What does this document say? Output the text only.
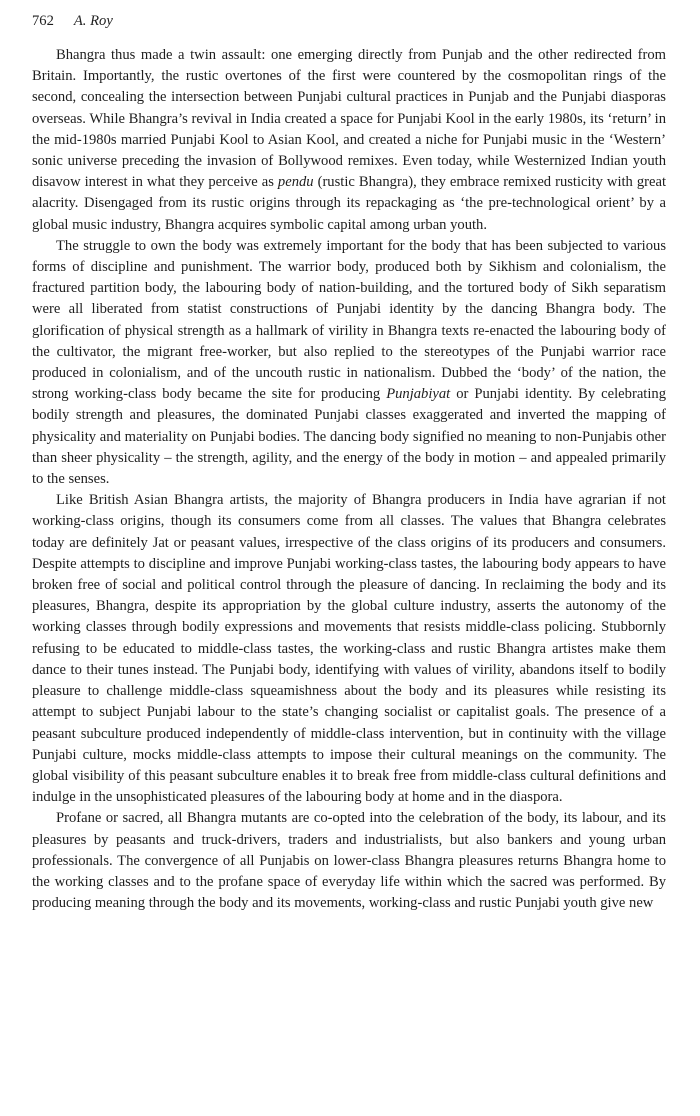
762 A. Roy

Bhangra thus made a twin assault: one emerging directly from Punjab and the other redirected from Britain. Importantly, the rustic overtones of the first were countered by the cosmopolitan rings of the second, concealing the intersection between Punjabi cultural practices in Punjab and the Punjabi diasporas overseas. While Bhangra’s revival in India created a space for Punjabi Kool in the early 1980s, its ‘return’ in the mid-1980s married Punjabi Kool to Asian Kool, and created a niche for Punjabi music in the ‘Western’ sonic universe preceding the invasion of Bollywood remixes. Even today, while Westernized Indian youth disavow interest in what they perceive as pendu (rustic Bhangra), they embrace remixed rusticity with great alacrity. Disengaged from its rustic origins through its repackaging as ‘the pre-technological orient’ by a global music industry, Bhangra acquires symbolic capital among urban youth.

The struggle to own the body was extremely important for the body that has been subjected to various forms of discipline and punishment. The warrior body, produced both by Sikhism and colonialism, the fractured partition body, the labouring body of nation-building, and the tortured body of Sikh separatism were all liberated from statist constructions of Punjabi identity by the dancing Bhangra body. The glorification of physical strength as a hallmark of virility in Bhangra texts re-enacted the labouring body of the cultivator, the migrant free-worker, but also replied to the stereotypes of the Punjabi warrior race produced in colonialism, and of the uncouth rustic in nationalism. Dubbed the ‘body’ of the nation, the strong working-class body became the site for producing Punjabiyat or Punjabi identity. By celebrating bodily strength and pleasures, the dominated Punjabi classes exaggerated and inverted the mapping of physicality and materiality on Punjabi bodies. The dancing body signified no meaning to non-Punjabis other than sheer physicality – the strength, agility, and the energy of the body in motion – and appealed primarily to the senses.

Like British Asian Bhangra artists, the majority of Bhangra producers in India have agrarian if not working-class origins, though its consumers come from all classes. The values that Bhangra celebrates today are definitely Jat or peasant values, irrespective of the class origins of its producers and consumers. Despite attempts to discipline and improve Punjabi working-class tastes, the labouring body appears to have broken free of social and political control through the pleasure of dancing. In reclaiming the body and its pleasures, Bhangra, despite its appropriation by the global culture industry, asserts the autonomy of the working classes through bodily expressions and movements that resists middle-class policing. Stubbornly refusing to be educated to middle-class tastes, the working-class and rustic Bhangra artistes make them dance to their tunes instead. The Punjabi body, identifying with values of virility, abandons itself to bodily pleasure to challenge middle-class squeamishness about the body and its pleasures while resisting its attempt to subject Punjabi labour to the state’s changing socialist or capitalist goals. The presence of a peasant subculture produced independently of middle-class intervention, but in continuity with the village Punjabi culture, mocks middle-class attempts to impose their cultural meanings on the community. The global visibility of this peasant subculture enables it to break free from middle-class cultural definitions and indulge in the unsophisticated pleasures of the labouring body at home and in the diaspora.

Profane or sacred, all Bhangra mutants are co-opted into the celebration of the body, its labour, and its pleasures by peasants and truck-drivers, traders and industrialists, but also bankers and young urban professionals. The convergence of all Punjabis on lower-class Bhangra pleasures returns Bhangra home to the working classes and to the profane space of everyday life within which the sacred was performed. By producing meaning through the body and its movements, working-class and rustic Punjabi youth give new
